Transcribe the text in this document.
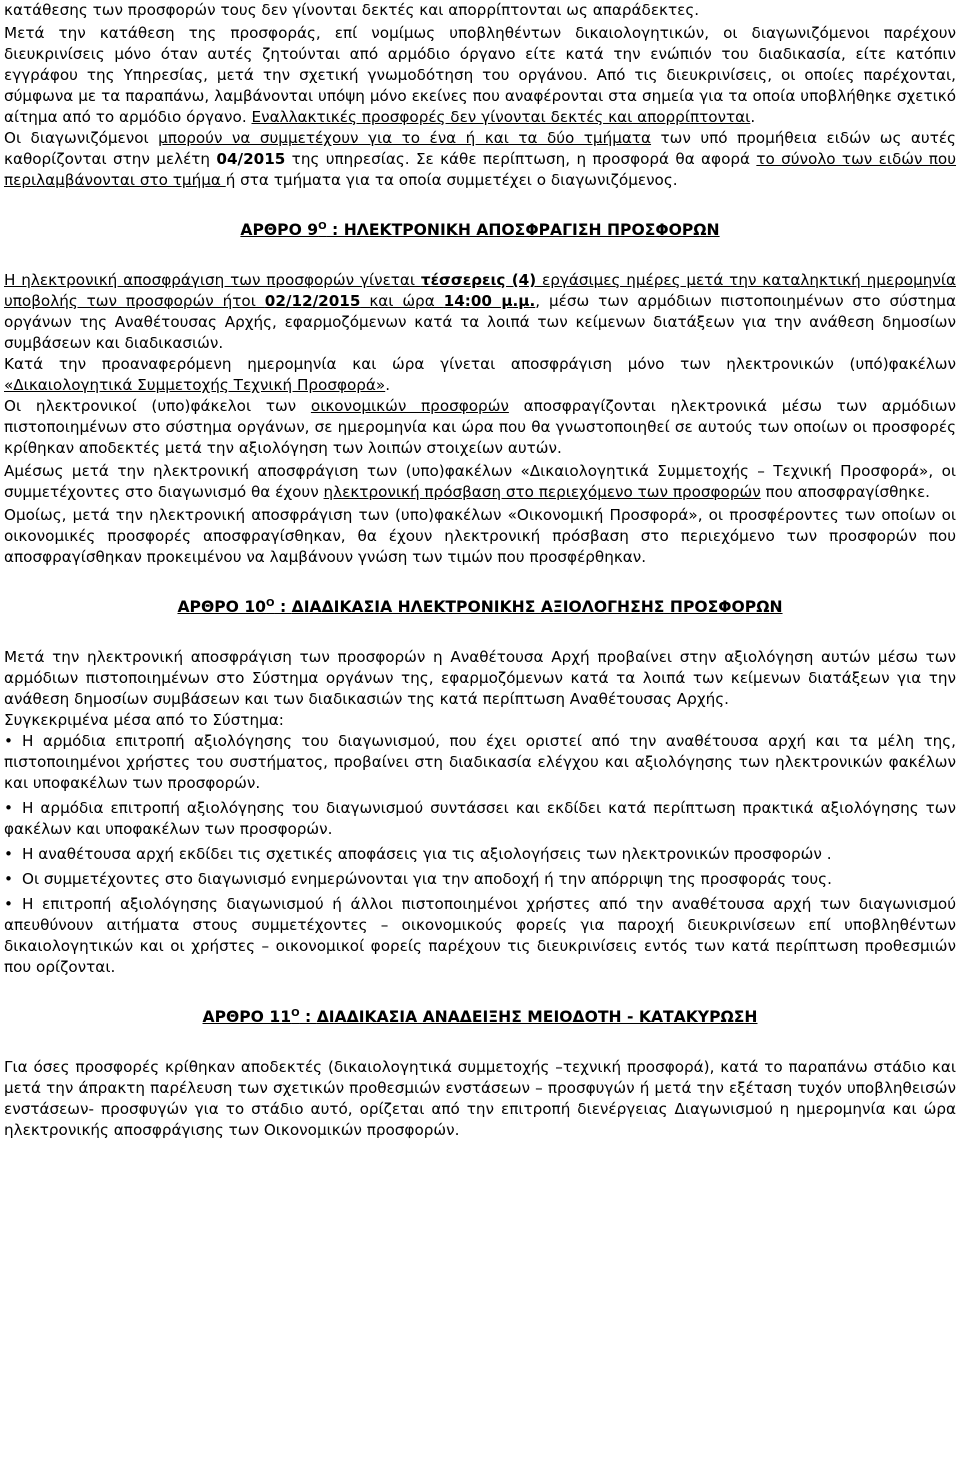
κατάθεσης των προσφορών τους δεν γίνονται δεκτές και απορρίπτονται ως απαράδεκτες.

Μετά την κατάθεση της προσφοράς, επί νομίμως υποβληθέντων δικαιολογητικών, οι διαγωνιζόμενοι παρέχουν διευκρινίσεις μόνο όταν αυτές ζητούνται από αρμόδιο όργανο είτε κατά την ενώπιόν του διαδικασία, είτε κατόπιν εγγράφου της Υπηρεσίας, μετά την σχετική γνωμοδότηση του οργάνου. Από τις διευκρινίσεις, οι οποίες παρέχονται, σύμφωνα με τα παραπάνω, λαμβάνονται υπόψη μόνο εκείνες που αναφέρονται στα σημεία για τα οποία υποβλήθηκε σχετικό αίτημα από το αρμόδιο όργανο. Εναλλακτικές προσφορές δεν γίνονται δεκτές και απορρίπτονται.

Οι διαγωνιζόμενοι μπορούν να συμμετέχουν για το ένα ή και τα δύο τμήματα των υπό προμήθεια ειδών ως αυτές καθορίζονται στην μελέτη 04/2015 της υπηρεσίας. Σε κάθε περίπτωση, η προσφορά θα αφορά το σύνολο των ειδών που περιλαμβάνονται στο τμήμα ή στα τμήματα για τα οποία συμμετέχει ο διαγωνιζόμενος.

ΑΡΘΡΟ $9^O$ : ΗΛΕΚΤΡΟΝΙΚΗ ΑΠΟΣΦΡΑΓΙΣΗ ΠΡΟΣΦΟΡΩΝ

Η ηλεκτρονική αποσφράγιση των προσφορών γίνεται τέσσερεις (4) εργάσιμες ημέρες μετά την καταληκτική ημερομηνία υποβολής των προσφορών ήτοι 02/12/2015 και ώρα 14:00 μ.μ., μέσω των αρμόδιων πιστοποιημένων στο σύστημα οργάνων της Αναθέτουσας Αρχής, εφαρμοζόμενων κατά τα λοιπά των κείμενων διατάξεων για την ανάθεση δημοσίων συμβάσεων και διαδικασιών.

Κατά την προαναφερόμενη ημερομηνία και ώρα γίνεται αποσφράγιση μόνο των ηλεκτρονικών (υπό)φακέλων «Δικαιολογητικά Συμμετοχής Τεχνική Προσφορά».

Οι ηλεκτρονικοί (υπο)φάκελοι των οικονομικών προσφορών αποσφραγίζονται ηλεκτρονικά μέσω των αρμόδιων πιστοποιημένων στο σύστημα οργάνων, σε ημερομηνία και ώρα που θα γνωστοποιηθεί σε αυτούς των οποίων οι προσφορές κρίθηκαν αποδεκτές μετά την αξιολόγηση των λοιπών στοιχείων αυτών.

Αμέσως μετά την ηλεκτρονική αποσφράγιση των (υπο)φακέλων «Δικαιολογητικά Συμμετοχής – Τεχνική Προσφορά», οι συμμετέχοντες στο διαγωνισμό θα έχουν ηλεκτρονική πρόσβαση στο περιεχόμενο των προσφορών που αποσφραγίσθηκε.

Ομοίως, μετά την ηλεκτρονική αποσφράγιση των (υπο)φακέλων «Οικονομική Προσφορά», οι προσφέροντες των οποίων οι οικονομικές προσφορές αποσφραγίσθηκαν, θα έχουν ηλεκτρονική πρόσβαση στο περιεχόμενο των προσφορών που αποσφραγίσθηκαν προκειμένου να λαμβάνουν γνώση των τιμών που προσφέρθηκαν.

ΑΡΘΡΟ $10^O$ : ΔΙΑΔΙΚΑΣΙΑ ΗΛΕΚΤΡΟΝΙΚΗΣ ΑΞΙΟΛΟΓΗΣΗΣ ΠΡΟΣΦΟΡΩΝ

Μετά την ηλεκτρονική αποσφράγιση των προσφορών η Αναθέτουσα Αρχή προβαίνει στην αξιολόγηση αυτών μέσω των αρμόδιων πιστοποιημένων στο Σύστημα οργάνων της, εφαρμοζόμενων κατά τα λοιπά των κείμενων διατάξεων για την ανάθεση δημοσίων συμβάσεων και των διαδικασιών της κατά περίπτωση Αναθέτουσας Αρχής.

Συγκεκριμένα μέσα από το Σύστημα:

• Η αρμόδια επιτροπή αξιολόγησης του διαγωνισμού, που έχει οριστεί από την αναθέτουσα αρχή και τα μέλη της, πιστοποιημένοι χρήστες του συστήματος, προβαίνει στη διαδικασία ελέγχου και αξιολόγησης των ηλεκτρονικών φακέλων και υποφακέλων των προσφορών.
• Η αρμόδια επιτροπή αξιολόγησης του διαγωνισμού συντάσσει και εκδίδει κατά περίπτωση πρακτικά αξιολόγησης των φακέλων και υποφακέλων των προσφορών.
• Η αναθέτουσα αρχή εκδίδει τις σχετικές αποφάσεις για τις αξιολογήσεις των ηλεκτρονικών προσφορών .
• Οι συμμετέχοντες στο διαγωνισμό ενημερώνονται για την αποδοχή ή την απόρριψη της προσφοράς τους.
• Η επιτροπή αξιολόγησης διαγωνισμού ή άλλοι πιστοποιημένοι χρήστες από την αναθέτουσα αρχή των διαγωνισμού απευθύνουν αιτήματα στους συμμετέχοντες – οικονομικούς φορείς για παροχή διευκρινίσεων επί υποβληθέντων δικαιολογητικών και οι χρήστες – οικονομικοί φορείς παρέχουν τις διευκρινίσεις εντός των κατά περίπτωση προθεσμιών που ορίζονται.

ΑΡΘΡΟ $11^O$ : ΔΙΑΔΙΚΑΣΙΑ ΑΝΑΔΕΙΞΗΣ ΜΕΙΟΔΟΤΗ - ΚΑΤΑΚΥΡΩΣΗ

Για όσες προσφορές κρίθηκαν αποδεκτές (δικαιολογητικά συμμετοχής –τεχνική προσφορά), κατά το παραπάνω στάδιο και μετά την άπρακτη παρέλευση των σχετικών προθεσμιών ενστάσεων – προσφυγών ή μετά την εξέταση τυχόν υποβληθεισών ενστάσεων- προσφυγών για το στάδιο αυτό, ορίζεται από την επιτροπή διενέργειας Διαγωνισμού η ημερομηνία και ώρα ηλεκτρονικής αποσφράγισης των Οικονομικών προσφορών.
